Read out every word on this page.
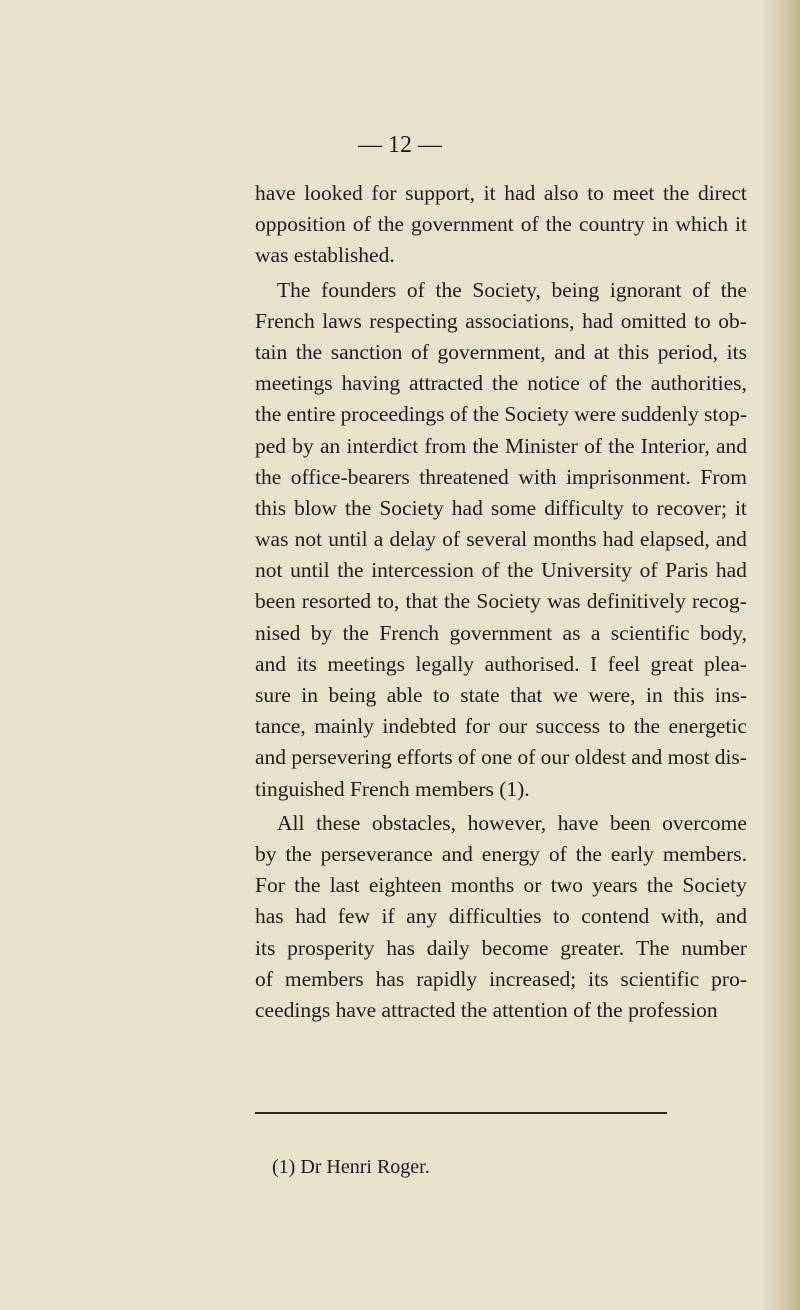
— 12 —
have looked for support, it had also to meet the direct
opposition of the government of the country in which it
was established.
The founders of the Society, being ignorant of the
French laws respecting associations, had omitted to ob-
tain the sanction of government, and at this period, its
meetings having attracted the notice of the authorities,
the entire proceedings of the Society were suddenly stop-
ped by an interdict from the Minister of the Interior, and
the office-bearers threatened with imprisonment. From
this blow the Society had some difficulty to recover; it
was not until a delay of several months had elapsed, and
not until the intercession of the University of Paris had
been resorted to, that the Society was definitively recog-
nised by the French government as a scientific body,
and its meetings legally authorised. I feel great plea-
sure in being able to state that we were, in this ins-
tance, mainly indebted for our success to the energetic
and persevering efforts of one of our oldest and most dis-
tinguished French members (1).
All these obstacles, however, have been overcome
by the perseverance and energy of the early members.
For the last eighteen months or two years the Society
has had few if any difficulties to contend with, and
its prosperity has daily become greater. The number
of members has rapidly increased; its scientific pro-
ceedings have attracted the attention of the profession
(1) Dr Henri Roger.
